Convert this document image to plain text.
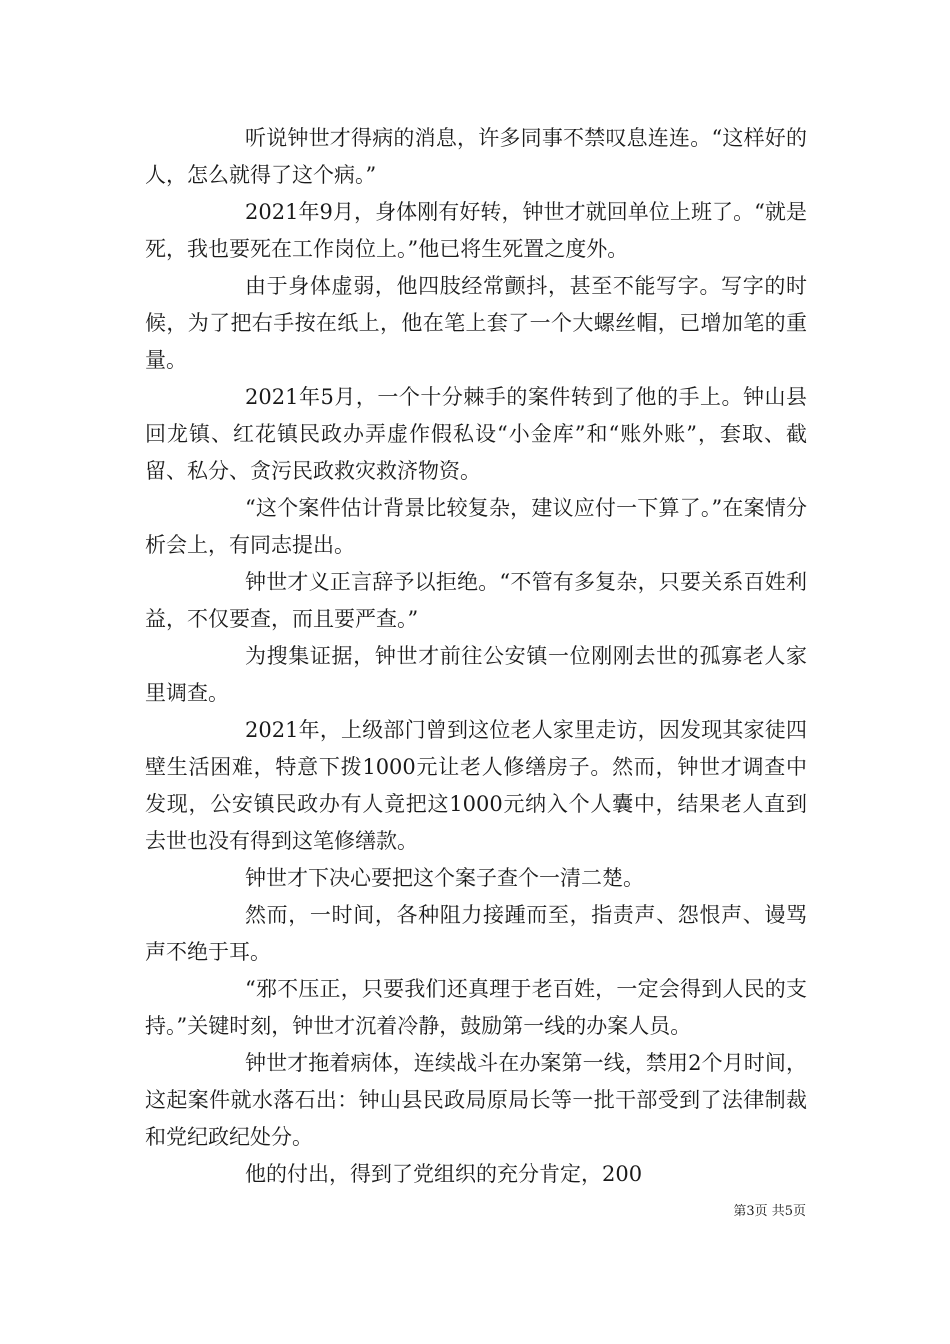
听说钟世才得病的消息，许多同事不禁叹息连连。“这样好的人，怎么就得了这个病。”

2021年9月，身体刚有好转，钟世才就回单位上班了。“就是死，我也要死在工作岗位上。”他已将生死置之度外。

由于身体虚弱，他四肢经常颤抖，甚至不能写字。写字的时候，为了把右手按在纸上，他在笔上套了一个大螺丝帽，已增加笔的重量。

2021年5月，一个十分棘手的案件转到了他的手上。钟山县回龙镇、红花镇民政办弄虚作假私设“小金库”和“账外账”，套取、截留、私分、贪污民政救灾救济物资。

“这个案件估计背景比较复杂，建议应付一下算了。”在案情分析会上，有同志提出。

钟世才义正言辞予以拒绝。“不管有多复杂，只要关系百姓利益，不仅要查，而且要严查。”

为搜集证据，钟世才前往公安镇一位刚刚去世的孤寡老人家里调查。

2021年，上级部门曾到这位老人家里走访，因发现其家徒四壁生活困难，特意下拨1000元让老人修缮房子。然而，钟世才调查中发现，公安镇民政办有人竟把这1000元纳入个人囊中，结果老人直到去世也没有得到这笔修缮款。

钟世才下决心要把这个案子查个一清二楚。

然而，一时间，各种阻力接踵而至，指责声、怨恨声、谩骂声不绝于耳。

“邪不压正，只要我们还真理于老百姓，一定会得到人民的支持。”关键时刻，钟世才沉着冷静，鼓励第一线的办案人员。

钟世才拖着病体，连续战斗在办案第一线，禁用2个月时间，这起案件就水落石出：钟山县民政局原局长等一批干部受到了法律制裁和党纪政纪处分。

他的付出，得到了党组织的充分肯定，200

第3页 共5页
